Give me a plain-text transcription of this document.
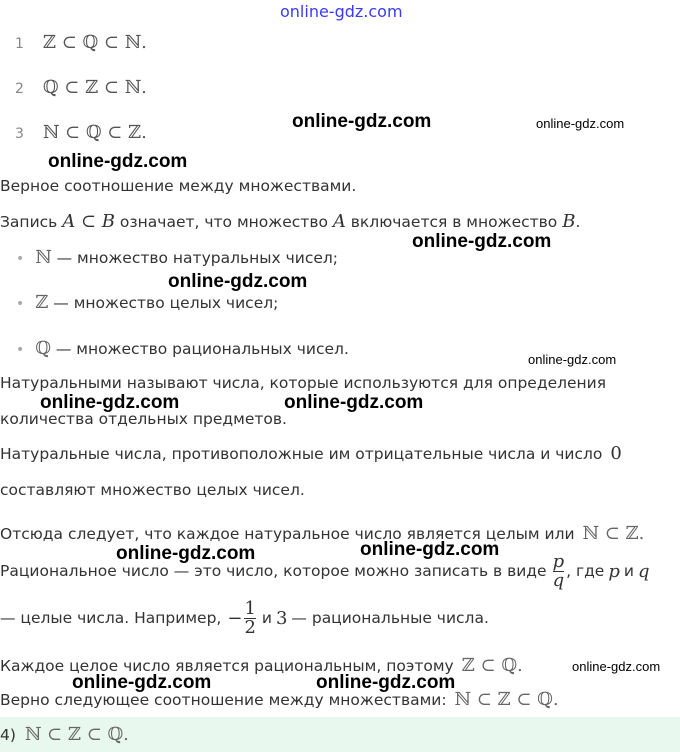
online-gdz.com
1 ℤ ⊂ ℚ ⊂ ℕ.
2 ℚ ⊂ ℤ ⊂ ℕ.
3 ℕ ⊂ ℚ ⊂ ℤ.
online-gdz.com	online-gdz.com
online-gdz.com
Верное соотношение между множествами.
Запись A ⊂ B означает, что множество A включается в множество B.
online-gdz.com
• ℕ — множество натуральных чисел;
online-gdz.com
• ℤ — множество целых чисел;
• ℚ — множество рациональных чисел.
online-gdz.com
Натуральными называют числа, которые используются для определения
количества отдельных предметов.
online-gdz.com	online-gdz.com
Натуральные числа, противоположные им отрицательные числа и число 0
составляют множество целых чисел.
Отсюда следует, что каждое натуральное число является целым или ℕ ⊂ ℤ.
online-gdz.com	online-gdz.com
Рациональное число — это число, которое можно записать в виде $\frac{p}{q}$ , где p и q
— целые числа. Например, − $\frac{1}{2}$ и 3 — рациональные числа.
Каждое целое число является рациональным, поэтому ℤ ⊂ ℚ.	online-gdz.com
online-gdz.com	online-gdz.com
Верно следующее соотношение между множествами: ℕ ⊂ ℤ ⊂ ℚ.
4) ℕ ⊂ ℤ ⊂ ℚ.
